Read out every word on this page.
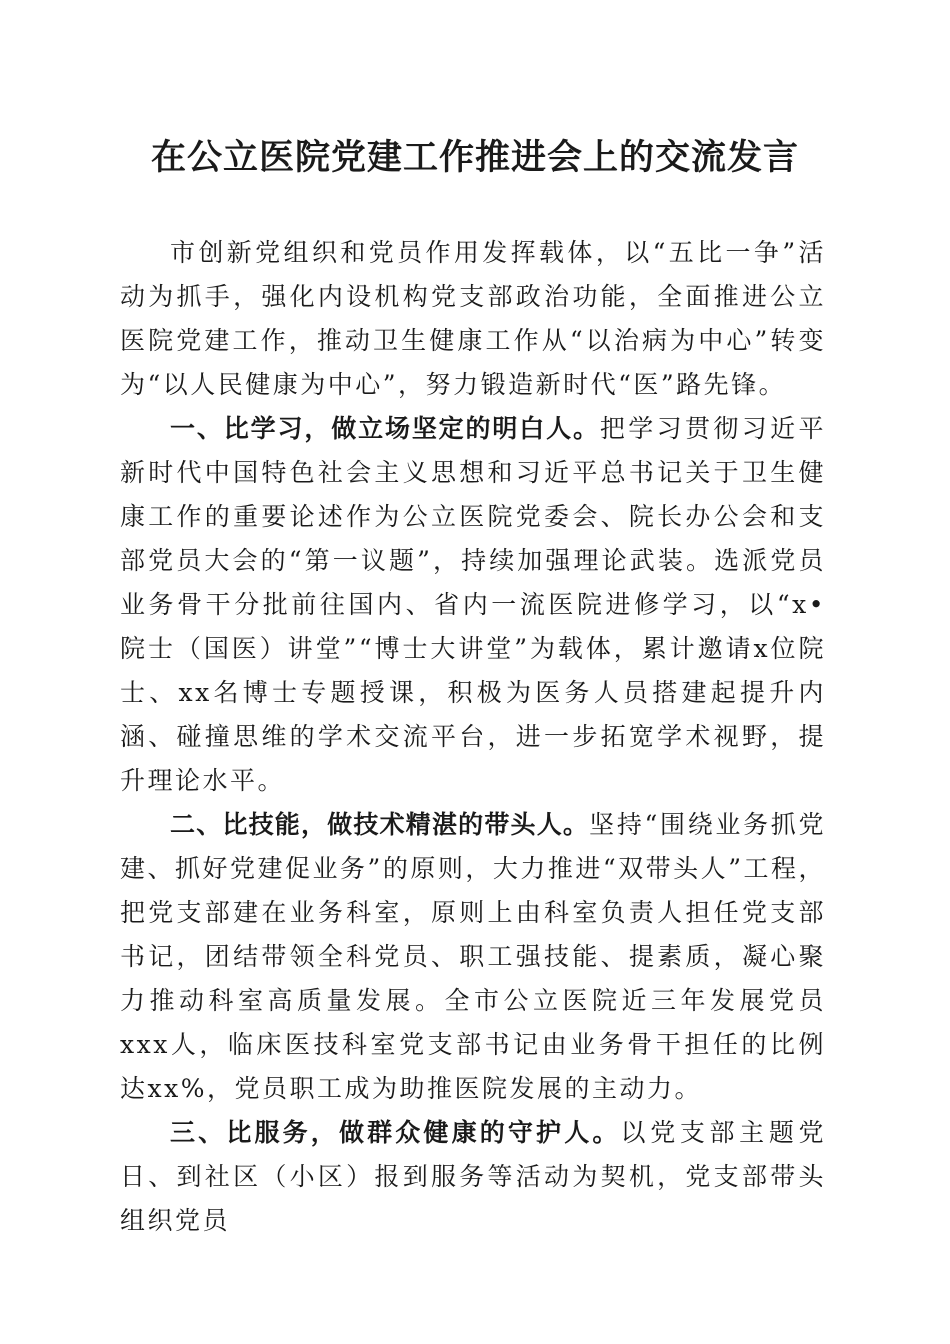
在公立医院党建工作推进会上的交流发言

市创新党组织和党员作用发挥载体，以“五比一争”活动为抓手，强化内设机构党支部政治功能，全面推进公立医院党建工作，推动卫生健康工作从“以治病为中心”转变为“以人民健康为中心”，努力锻造新时代“医”路先锋。

一、比学习，做立场坚定的明白人。把学习贯彻习近平新时代中国特色社会主义思想和习近平总书记关于卫生健康工作的重要论述作为公立医院党委会、院长办公会和支部党员大会的“第一议题”，持续加强理论武装。选派党员业务骨干分批前往国内、省内一流医院进修学习，以“x•院士（国医）讲堂”“博士大讲堂”为载体，累计邀请x位院士、xx名博士专题授课，积极为医务人员搭建起提升内涵、碰撞思维的学术交流平台，进一步拓宽学术视野，提升理论水平。

二、比技能，做技术精湛的带头人。坚持“围绕业务抓党建、抓好党建促业务”的原则，大力推进“双带头人”工程，把党支部建在业务科室，原则上由科室负责人担任党支部书记，团结带领全科党员、职工强技能、提素质，凝心聚力推动科室高质量发展。全市公立医院近三年发展党员xxx人，临床医技科室党支部书记由业务骨干担任的比例达xx%，党员职工成为助推医院发展的主动力。

三、比服务，做群众健康的守护人。以党支部主题党日、到社区（小区）报到服务等活动为契机，党支部带头组织党员
